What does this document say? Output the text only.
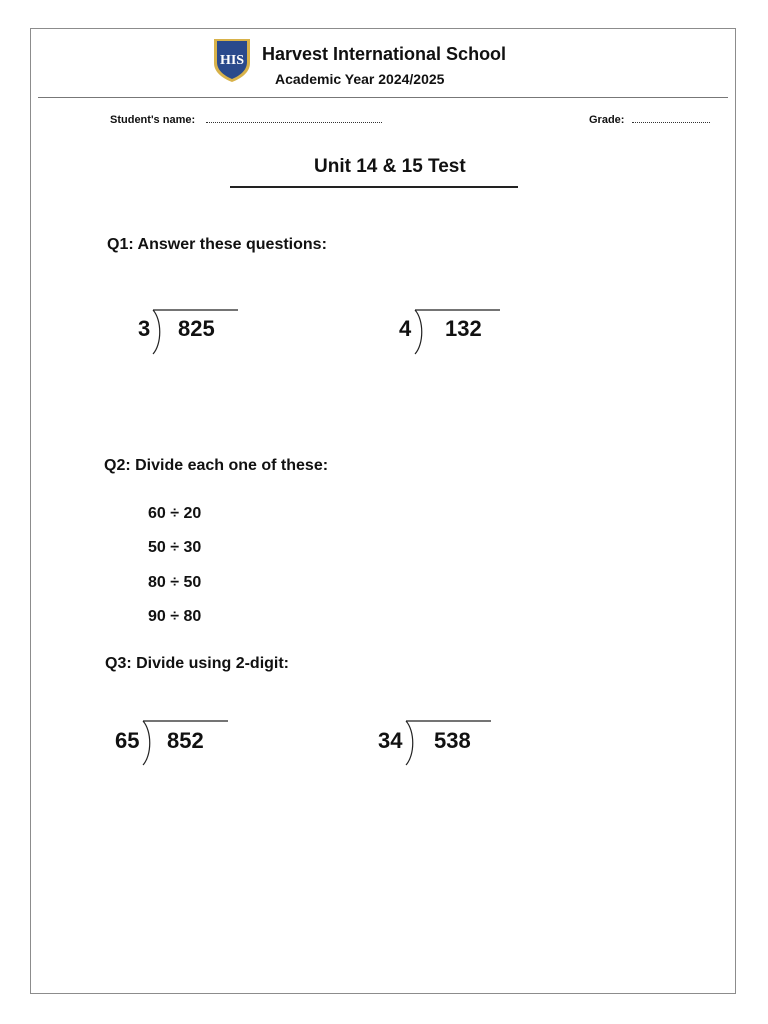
HIS Harvest International School
Academic Year 2024/2025
Student's name:	Grade:
Unit 14 & 15 Test
Q1: Answer these questions:
3 825	4 132
Q2: Divide each one of these:
60 ÷ 20
50 ÷ 30
80 ÷ 50
90 ÷ 80
Q3: Divide using 2-digit:
65 852	34 538
